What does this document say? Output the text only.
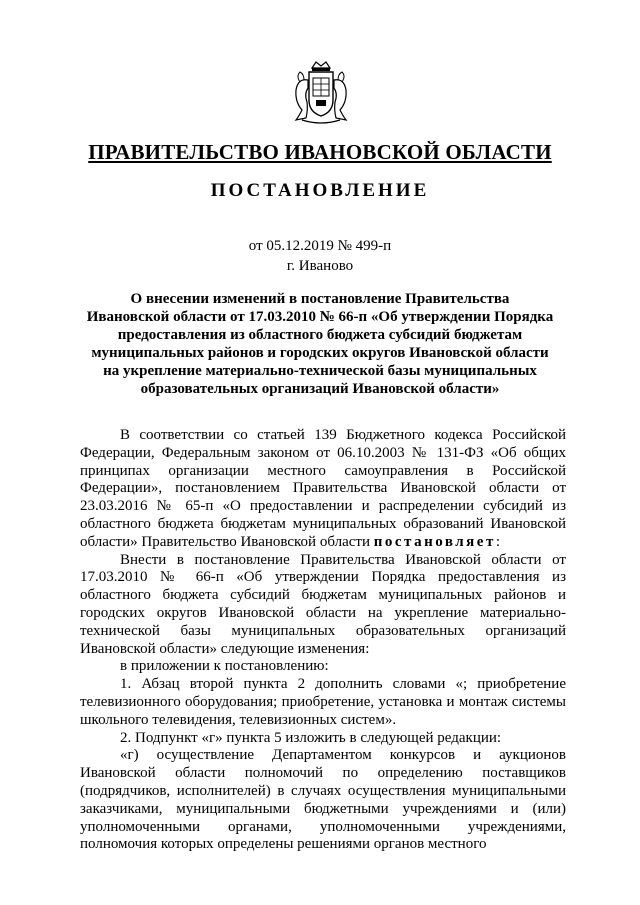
ПРАВИТЕЛЬСТВО ИВАНОВСКОЙ ОБЛАСТИ
ПОСТАНОВЛЕНИЕ
от 05.12.2019 № 499-п
г. Иваново
О внесении изменений в постановление Правительства
Ивановской области от 17.03.2010 № 66-п «Об утверждении Порядка
предоставления из областного бюджета субсидий бюджетам
муниципальных районов и городских округов Ивановской области
на укрепление материально-технической базы муниципальных
образовательных организаций Ивановской области»

В соответствии со статьей 139 Бюджетного кодекса Российской Федерации, Федеральным законом от 06.10.2003 № 131-ФЗ «Об общих принципах организации местного самоуправления в Российской Федерации», постановлением Правительства Ивановской области от 23.03.2016 № 65-п «О предоставлении и распределении субсидий из областного бюджета бюджетам муниципальных образований Ивановской области» Правительство Ивановской области постановляет:

Внести в постановление Правительства Ивановской области от 17.03.2010 № 66-п «Об утверждении Порядка предоставления из областного бюджета субсидий бюджетам муниципальных районов и городских округов Ивановской области на укрепление материально-технической базы муниципальных образовательных организаций Ивановской области» следующие изменения:

в приложении к постановлению:

1. Абзац второй пункта 2 дополнить словами «; приобретение телевизионного оборудования; приобретение, установка и монтаж системы школьного телевидения, телевизионных систем».

2. Подпункт «г» пункта 5 изложить в следующей редакции:

«г) осуществление Департаментом конкурсов и аукционов Ивановской области полномочий по определению поставщиков (подрядчиков, исполнителей) в случаях осуществления муниципальными заказчиками, муниципальными бюджетными учреждениями и (или) уполномоченными органами, уполномоченными учреждениями, полномочия которых определены решениями органов местного
